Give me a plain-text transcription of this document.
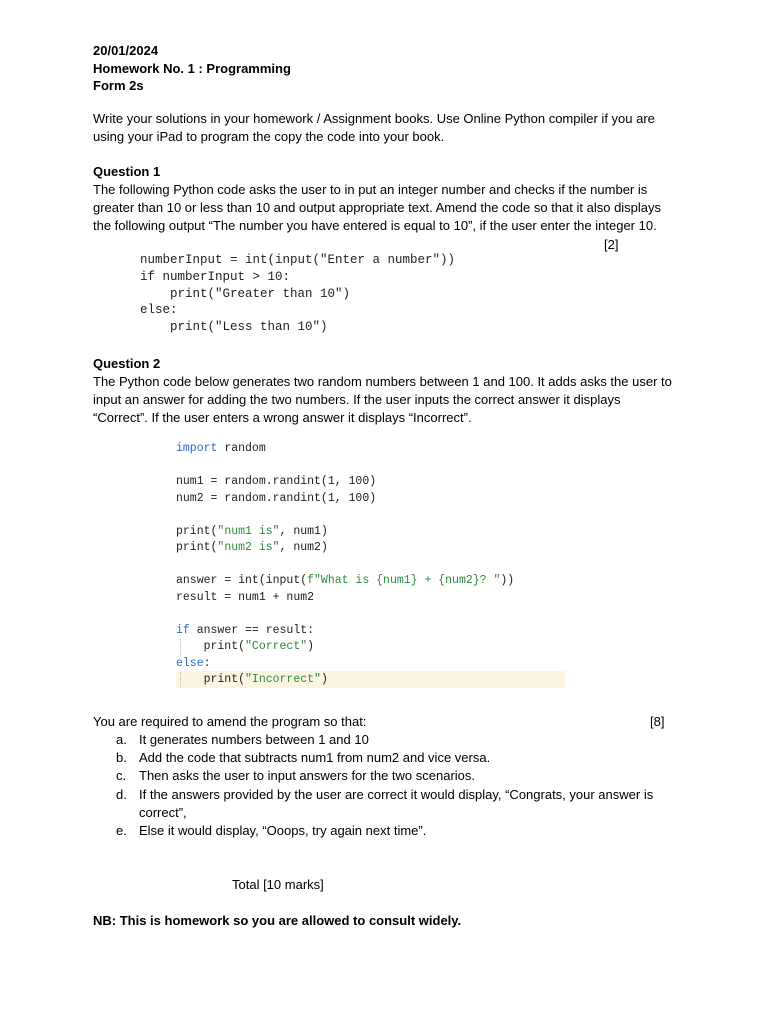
20/01/2024
Homework No. 1 : Programming
Form 2s
Write your solutions in your homework / Assignment books. Use Online Python compiler if you are
using your iPad to program the copy the code into your book.
Question 1
The following Python code asks the user to in put an integer number and checks if the number is
greater than 10 or less than 10 and output appropriate text. Amend the code so that it also displays
the following output “The number you have entered is equal to 10”, if the user enter the integer 10.
[2]
numberInput = int(input("Enter a number"))
if numberInput > 10:
print("Greater than 10")
else:
print("Less than 10")
Question 2
The Python code below generates two random numbers between 1 and 100. It adds asks the user to
input an answer for adding the two numbers. If the user inputs the correct answer it displays
“Correct”. If the user enters a wrong answer it displays “Incorrect”.
import random
num1 = random.randint(1, 100)
num2 = random.randint(1, 100)
print("num1 is", num1)
print("num2 is", num2)
answer = int(input(f"What is {num1} + {num2}? "))
result = num1 + num2
if answer == result:
print("Correct")
else:
print("Incorrect")
You are required to amend the program so that:	[8]
a. It generates numbers between 1 and 10
b. Add the code that subtracts num1 from num2 and vice versa.
c. Then asks the user to input answers for the two scenarios.
d. If the answers provided by the user are correct it would display, “Congrats, your answer is
correct”,
e. Else it would display, “Ooops, try again next time”.
Total [10 marks]
NB: This is homework so you are allowed to consult widely.
